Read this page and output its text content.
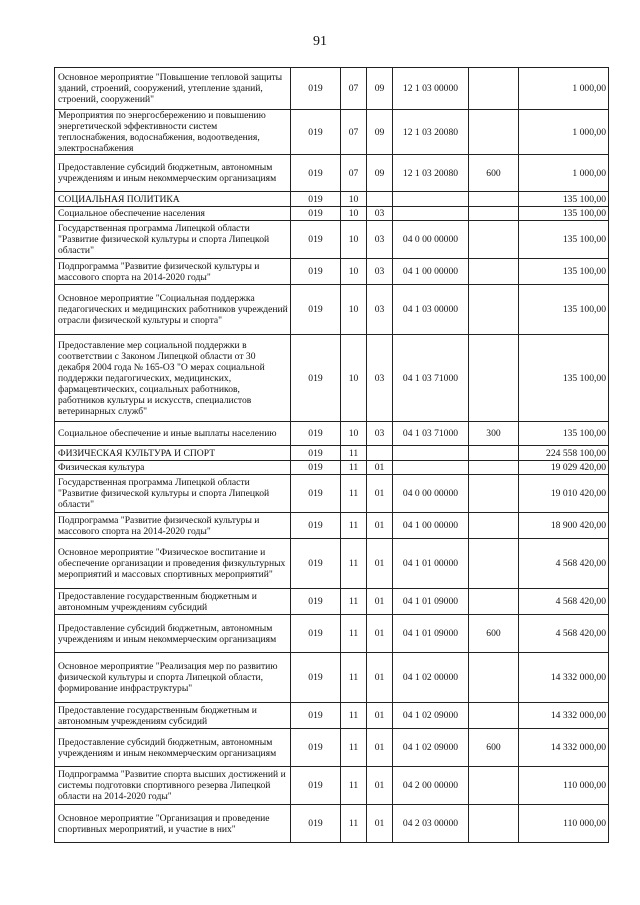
91
Основное мероприятие "Повышение тепловой защиты зданий, строений, сооружений, утепление зданий, строений, сооружений"	019	07	09	12 1 03 00000		1 000,00
Мероприятия по энергосбережению и повышению энергетической эффективности систем теплоснабжения, водоснабжения, водоотведения, электроснабжения	019	07	09	12 1 03 20080		1 000,00
Предоставление субсидий бюджетным, автономным учреждениям и иным некоммерческим организациям	019	07	09	12 1 03 20080	600	1 000,00
СОЦИАЛЬНАЯ ПОЛИТИКА	019	10				135 100,00
Социальное обеспечение населения	019	10	03			135 100,00
Государственная программа Липецкой области "Развитие физической культуры и спорта Липецкой области"	019	10	03	04 0 00 00000		135 100,00
Подпрограмма "Развитие физической культуры и массового спорта на 2014-2020 годы"	019	10	03	04 1 00 00000		135 100,00
Основное мероприятие "Социальная поддержка педагогических и медицинских работников учреждений отрасли физической культуры и спорта"	019	10	03	04 1 03 00000		135 100,00
Предоставление мер социальной поддержки в соответствии с Законом Липецкой области от 30 декабря 2004 года № 165-ОЗ "О мерах социальной поддержки педагогических, медицинских, фармацевтических, социальных работников, работников культуры и искусств, специалистов ветеринарных служб"	019	10	03	04 1 03 71000		135 100,00
Социальное обеспечение и иные выплаты населению	019	10	03	04 1 03 71000	300	135 100,00
ФИЗИЧЕСКАЯ КУЛЬТУРА И СПОРТ	019	11				224 558 100,00
Физическая культура	019	11	01			19 029 420,00
Государственная программа Липецкой области "Развитие физической культуры и спорта Липецкой области"	019	11	01	04 0 00 00000		19 010 420,00
Подпрограмма "Развитие физической культуры и массового спорта на 2014-2020 годы"	019	11	01	04 1 00 00000		18 900 420,00
Основное мероприятие "Физическое воспитание и обеспечение организации и проведения физкультурных мероприятий и массовых спортивных мероприятий"	019	11	01	04 1 01 00000		4 568 420,00
Предоставление государственным бюджетным и автономным учреждениям субсидий	019	11	01	04 1 01 09000		4 568 420,00
Предоставление субсидий бюджетным, автономным учреждениям и иным некоммерческим организациям	019	11	01	04 1 01 09000	600	4 568 420,00
Основное мероприятие "Реализация мер по развитию физической культуры и спорта Липецкой области, формирование инфраструктуры"	019	11	01	04 1 02 00000		14 332 000,00
Предоставление государственным бюджетным и автономным учреждениям субсидий	019	11	01	04 1 02 09000		14 332 000,00
Предоставление субсидий бюджетным, автономным учреждениям и иным некоммерческим организациям	019	11	01	04 1 02 09000	600	14 332 000,00
Подпрограмма "Развитие спорта высших достижений и системы подготовки спортивного резерва Липецкой области на 2014-2020 годы"	019	11	01	04 2 00 00000		110 000,00
Основное мероприятие "Организация и проведение спортивных мероприятий, и участие в них"	019	11	01	04 2 03 00000		110 000,00
